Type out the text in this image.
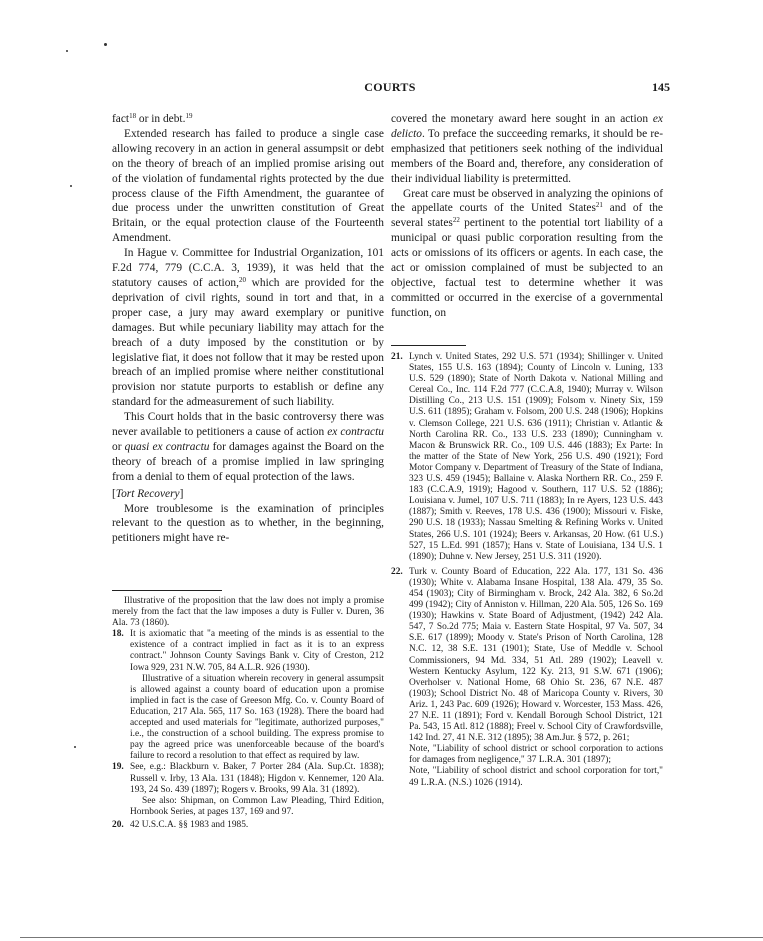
COURTS	145

fact$^{18}$ or in debt.$^{19}$

Extended research has failed to produce a single case allowing recovery in an action in general assumpsit or debt on the theory of breach of an implied promise arising out of the violation of fundamental rights protected by the due process clause of the Fifth Amendment, the guarantee of due process under the unwritten constitution of Great Britain, or the equal protection clause of the Fourteenth Amendment.

In Hague v. Committee for Industrial Organization, 101 F.2d 774, 779 (C.C.A. 3, 1939), it was held that the statutory causes of action,$^{20}$ which are provided for the deprivation of civil rights, sound in tort and that, in a proper case, a jury may award exemplary or punitive damages. But while pecuniary liability may attach for the breach of a duty imposed by the constitution or by legislative fiat, it does not follow that it may be rested upon breach of an implied promise where neither constitutional provision nor statute purports to establish or define any standard for the admeasurement of such liability.

This Court holds that in the basic controversy there was never available to petitioners a cause of action ex contractu or quasi ex contractu for damages against the Board on the theory of breach of a promise implied in law springing from a denial to them of equal protection of the laws.

[Tort Recovery]

More troublesome is the examination of principles relevant to the question as to whether, in the beginning, petitioners might have re-

Illustrative of the proposition that the law does not imply a promise merely from the fact that the law imposes a duty is Fuller v. Duren, 36 Ala. 73 (1860).

18. It is axiomatic that "a meeting of the minds is as essential to the existence of a contract implied in fact as it is to an express contract." Johnson County Savings Bank v. City of Creston, 212 Iowa 929, 231 N.W. 705, 84 A.L.R. 926 (1930).

Illustrative of a situation wherein recovery in general assumpsit is allowed against a county board of education upon a promise implied in fact is the case of Greeson Mfg. Co. v. County Board of Education, 217 Ala. 565, 117 So. 163 (1928). There the board had accepted and used materials for "legitimate, authorized purposes," i.e., the construction of a school building. The express promise to pay the agreed price was unenforceable because of the board's failure to record a resolution to that effect as required by law.

19. See, e.g.: Blackburn v. Baker, 7 Porter 284 (Ala. Sup.Ct. 1838); Russell v. Irby, 13 Ala. 131 (1848); Higdon v. Kennemer, 120 Ala. 193, 24 So. 439 (1897); Rogers v. Brooks, 99 Ala. 31 (1892).

See also: Shipman, on Common Law Pleading, Third Edition, Hornbook Series, at pages 137, 169 and 97.

20. 42 U.S.C.A. §§ 1983 and 1985.

covered the monetary award here sought in an action ex delicto. To preface the succeeding remarks, it should be re-emphasized that petitioners seek nothing of the individual members of the Board and, therefore, any consideration of their individual liability is pretermitted.

Great care must be observed in analyzing the opinions of the appellate courts of the United States$^{21}$ and of the several states$^{22}$ pertinent to the potential tort liability of a municipal or quasi public corporation resulting from the acts or omissions of its officers or agents. In each case, the act or omission complained of must be subjected to an objective, factual test to determine whether it was committed or occurred in the exercise of a governmental function, on

21. Lynch v. United States, 292 U.S. 571 (1934); Shillinger v. United States, 155 U.S. 163 (1894); County of Lincoln v. Luning, 133 U.S. 529 (1890); State of North Dakota v. National Milling and Cereal Co., Inc. 114 F.2d 777 (C.C.A.8, 1940); Murray v. Wilson Distilling Co., 213 U.S. 151 (1909); Folsom v. Ninety Six, 159 U.S. 611 (1895); Graham v. Folsom, 200 U.S. 248 (1906); Hopkins v. Clemson College, 221 U.S. 636 (1911); Christian v. Atlantic & North Carolina RR. Co., 133 U.S. 233 (1890); Cunningham v. Macon & Brunswick RR. Co., 109 U.S. 446 (1883); Ex Parte: In the matter of the State of New York, 256 U.S. 490 (1921); Ford Motor Company v. Department of Treasury of the State of Indiana, 323 U.S. 459 (1945); Ballaine v. Alaska Northern RR. Co., 259 F. 183 (C.C.A.9, 1919); Hagood v. Southern, 117 U.S. 52 (1886); Louisiana v. Jumel, 107 U.S. 711 (1883); In re Ayers, 123 U.S. 443 (1887); Smith v. Reeves, 178 U.S. 436 (1900); Missouri v. Fiske, 290 U.S. 18 (1933); Nassau Smelting & Refining Works v. United States, 266 U.S. 101 (1924); Beers v. Arkansas, 20 How. (61 U.S.) 527, 15 L.Ed. 991 (1857); Hans v. State of Louisiana, 134 U.S. 1 (1890); Duhne v. New Jersey, 251 U.S. 311 (1920).

22. Turk v. County Board of Education, 222 Ala. 177, 131 So. 436 (1930); White v. Alabama Insane Hospital, 138 Ala. 479, 35 So. 454 (1903); City of Birmingham v. Brock, 242 Ala. 382, 6 So.2d 499 (1942); City of Anniston v. Hillman, 220 Ala. 505, 126 So. 169 (1930); Hawkins v. State Board of Adjustment, (1942) 242 Ala. 547, 7 So.2d 775; Maia v. Eastern State Hospital, 97 Va. 507, 34 S.E. 617 (1899); Moody v. State's Prison of North Carolina, 128 N.C. 12, 38 S.E. 131 (1901); State, Use of Meddle v. School Commissioners, 94 Md. 334, 51 Atl. 289 (1902); Leavell v. Western Kentucky Asylum, 122 Ky. 213, 91 S.W. 671 (1906); Overholser v. National Home, 68 Ohio St. 236, 67 N.E. 487 (1903); School District No. 48 of Maricopa County v. Rivers, 30 Ariz. 1, 243 Pac. 609 (1926); Howard v. Worcester, 153 Mass. 426, 27 N.E. 11 (1891); Ford v. Kendall Borough School District, 121 Pa. 543, 15 Atl. 812 (1888); Freel v. School City of Crawfordsville, 142 Ind. 27, 41 N.E. 312 (1895); 38 Am.Jur. § 572, p. 261;

Note, "Liability of school district or school corporation to actions for damages from negligence," 37 L.R.A. 301 (1897);

Note, "Liability of school district and school corporation for tort," 49 L.R.A. (N.S.) 1026 (1914).
